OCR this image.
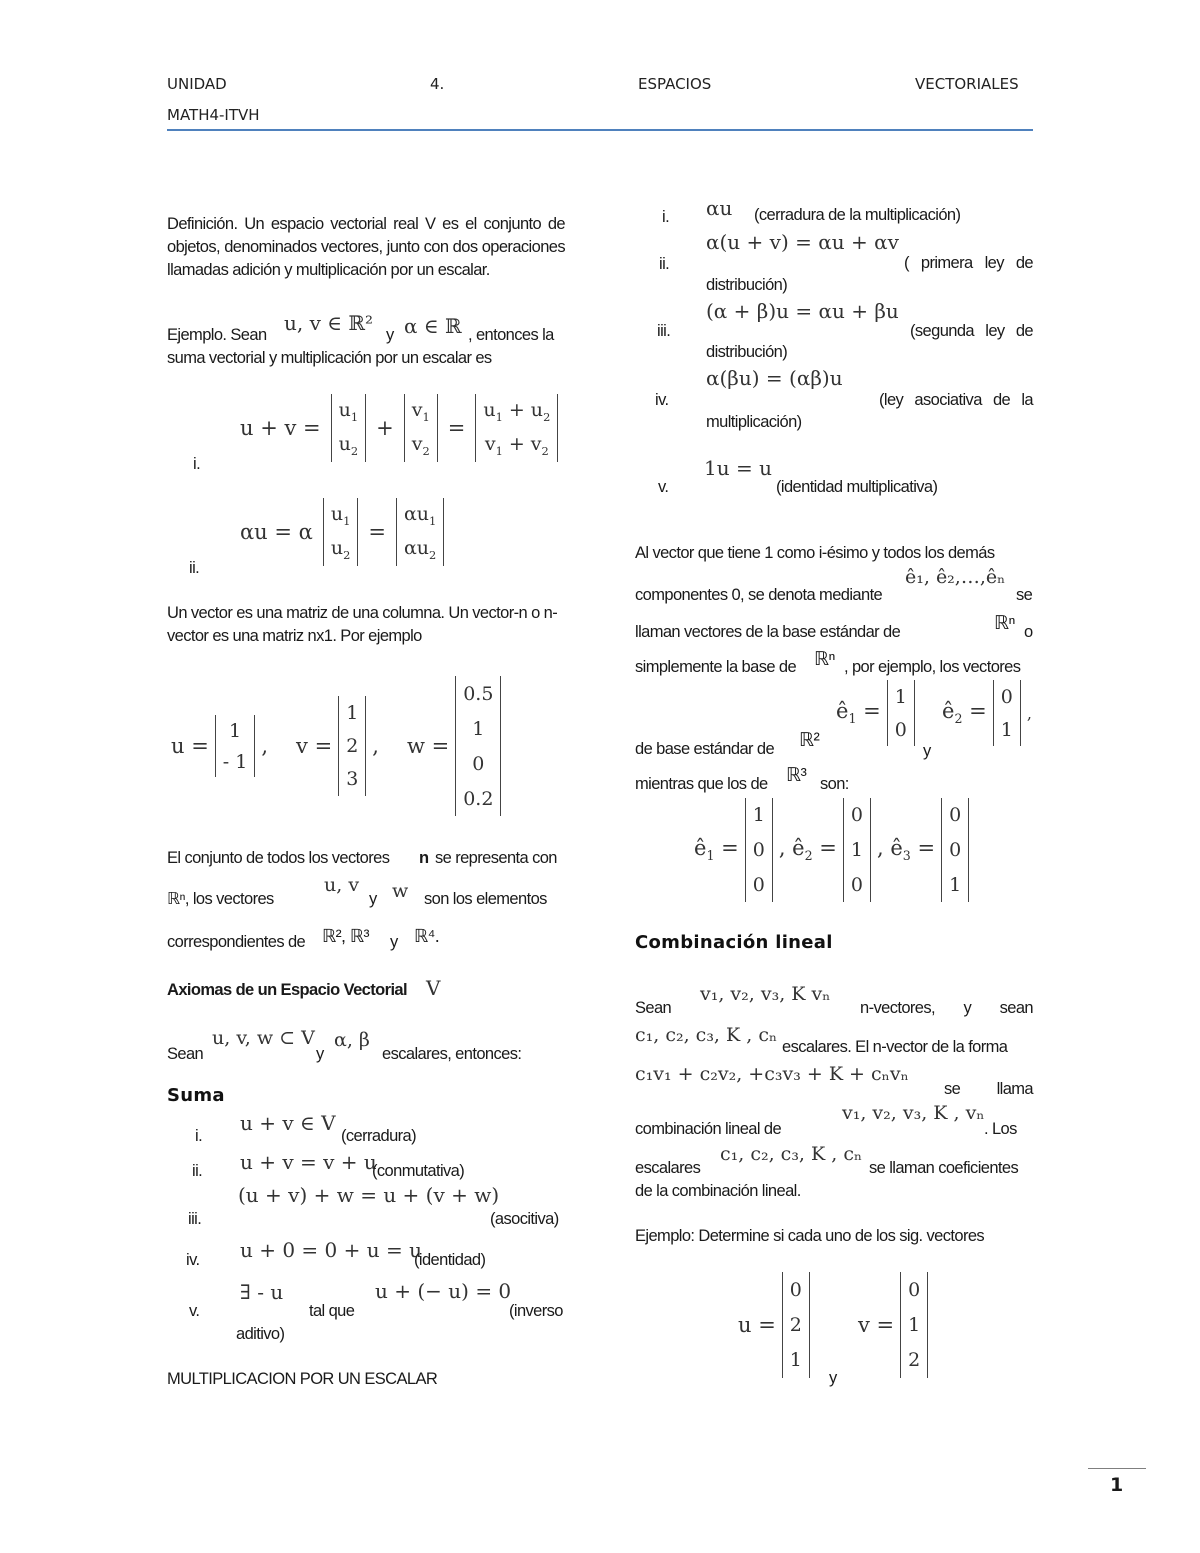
UNIDAD	4.	ESPACIOS	VECTORIALES
MATH4-ITVH
Definición. Un espacio vectorial real V es el conjunto de objetos, denominados vectores, junto con dos operaciones llamadas adición y multiplicación por un escalar.
Ejemplo. Sean u, v ∈ ℝ² y α ∈ ℝ , entonces la
suma vectorial y multiplicación por un escalar es
u + v =
$u_1$
$u_2$
+
$v_1$
$v_2$
=
$u_1 + u_2$
$v_1 + v_2$
i.
αu = α
$u_1$
$u_2$
=
$\alpha u_1$
$\alpha u_2$
ii.
Un vector es una matriz de una columna. Un vector-n o n-vector es una matriz nx1. Por ejemplo
u =
1
- 1
, v =
1
2
3
, w =
0.5
1
0
0.2
El conjunto de todos los vectores n se representa con
ℝⁿ, los vectores
u, v
y w son los elementos
correspondientes de ℝ², ℝ³ y ℝ⁴.
Axiomas de un Espacio Vectorial V
Sean
u, v, w ⊂ V
y
α, β
escalares, entonces:
Suma
i.
u + v ∈ V
(cerradura)
ii. u + v = v + u
(conmutativa)
iii.
(u + v) + w = u + (v + w)
(asocitiva)
iv. u + 0 = 0 + u = u
(identidad)
v.
∃ - u
tal que
u + (− u) = 0
(inverso
aditivo)
MULTIPLICACION POR UN ESCALAR
i. αu (cerradura de la multiplicación)
ii.
α(u + v) = αu + αv
( primera ley de
distribución)
iii.
(α + β)u = αu + βu
(segunda ley de
distribución)
iv.
α(βu) = (αβ)u
(ley asociativa de la
multiplicación)
v.
1u = u
(identidad multiplicativa)
Al vector que tiene 1 como i-ésimo y todos los demás
componentes 0, se denota mediante
ê₁, ê₂,…,êₙ
se
llaman vectores de la base estándar de	ℝⁿ o
simplemente la base de ℝⁿ , por ejemplo, los vectores
$ê_1$ =
1
0
$ê_2$ =
0
1
,
de base estándar de ℝ²	y
mientras que los de ℝ³ son:
$ê_1$ =
1
0
0
, $ê_2$ =
0
1
0
, $ê_3$ =
0
0
1
Combinación lineal
Sean
v₁, v₂, v₃, K vₙ
n-vectores, y sean
c₁, c₂, c₃, K , cₙ
escalares. El n-vector de la forma
c₁v₁ + c₂v₂, +c₃v₃ + K + cₙvₙ
se llama
combinación lineal de
v₁, v₂, v₃, K , vₙ
. Los
escalares
c₁, c₂, c₃, K , cₙ
se llaman coeficientes
de la combinación lineal.
Ejemplo: Determine si cada uno de los sig. vectores
u =
0
2
1
y
v =
0
1
2
1
